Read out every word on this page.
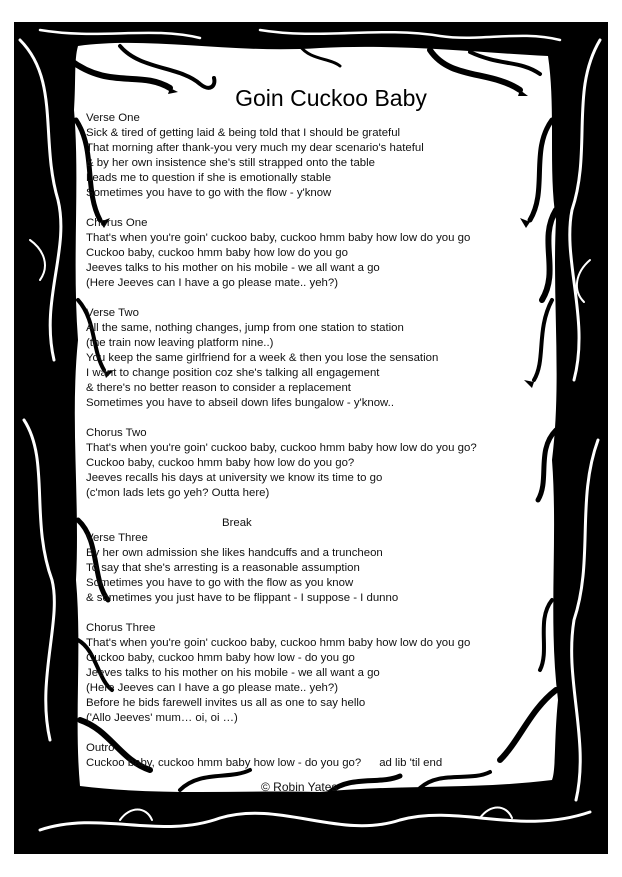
Goin Cuckoo Baby
Verse One
Sick & tired of getting laid & being told that I should be grateful
That morning after thank-you very much my dear scenario's hateful
& by her own insistence she's still strapped onto the table
Leads me to question if she is emotionally stable
Sometimes you have to go with the flow - y'know
Chorus One
That's when you're goin' cuckoo baby, cuckoo hmm baby how low do you go
Cuckoo baby, cuckoo hmm baby how low do you go
Jeeves talks to his mother on his mobile - we all want a go
(Here Jeeves can I have a go please mate.. yeh?)
Verse Two
All the same, nothing changes, jump from one station to station
(the train now leaving platform nine..)
You keep the same girlfriend for a week & then you lose the sensation
I want to change position coz she's talking all engagement
& there's no better reason to consider a replacement
Sometimes you have to abseil down lifes bungalow - y'know..
Chorus Two
That's when you're goin' cuckoo baby, cuckoo hmm baby how low do you go?
Cuckoo baby, cuckoo hmm baby how low do you go?
Jeeves recalls his days at university we know its time to go
(c'mon lads lets go yeh? Outta here)
Break
Verse Three
By her own admission she likes handcuffs and a truncheon
To say that she's arresting is a reasonable assumption
Sometimes you have to go with the flow as you know
& sometimes you just have to be flippant - I suppose - I dunno
Chorus Three
That's when you're goin' cuckoo baby, cuckoo hmm baby how low do you go
Cuckoo baby, cuckoo hmm baby how low - do you go
Jeeves talks to his mother on his mobile - we all want a go
(Here Jeeves can I have a go please mate.. yeh?)
Before he bids farewell invites us all as one to say hello
('Allo Jeeves' mum… oi, oi …)
Outro
Cuckoo baby, cuckoo hmm baby how low - do you go? ad lib 'til end
© Robin Yates
